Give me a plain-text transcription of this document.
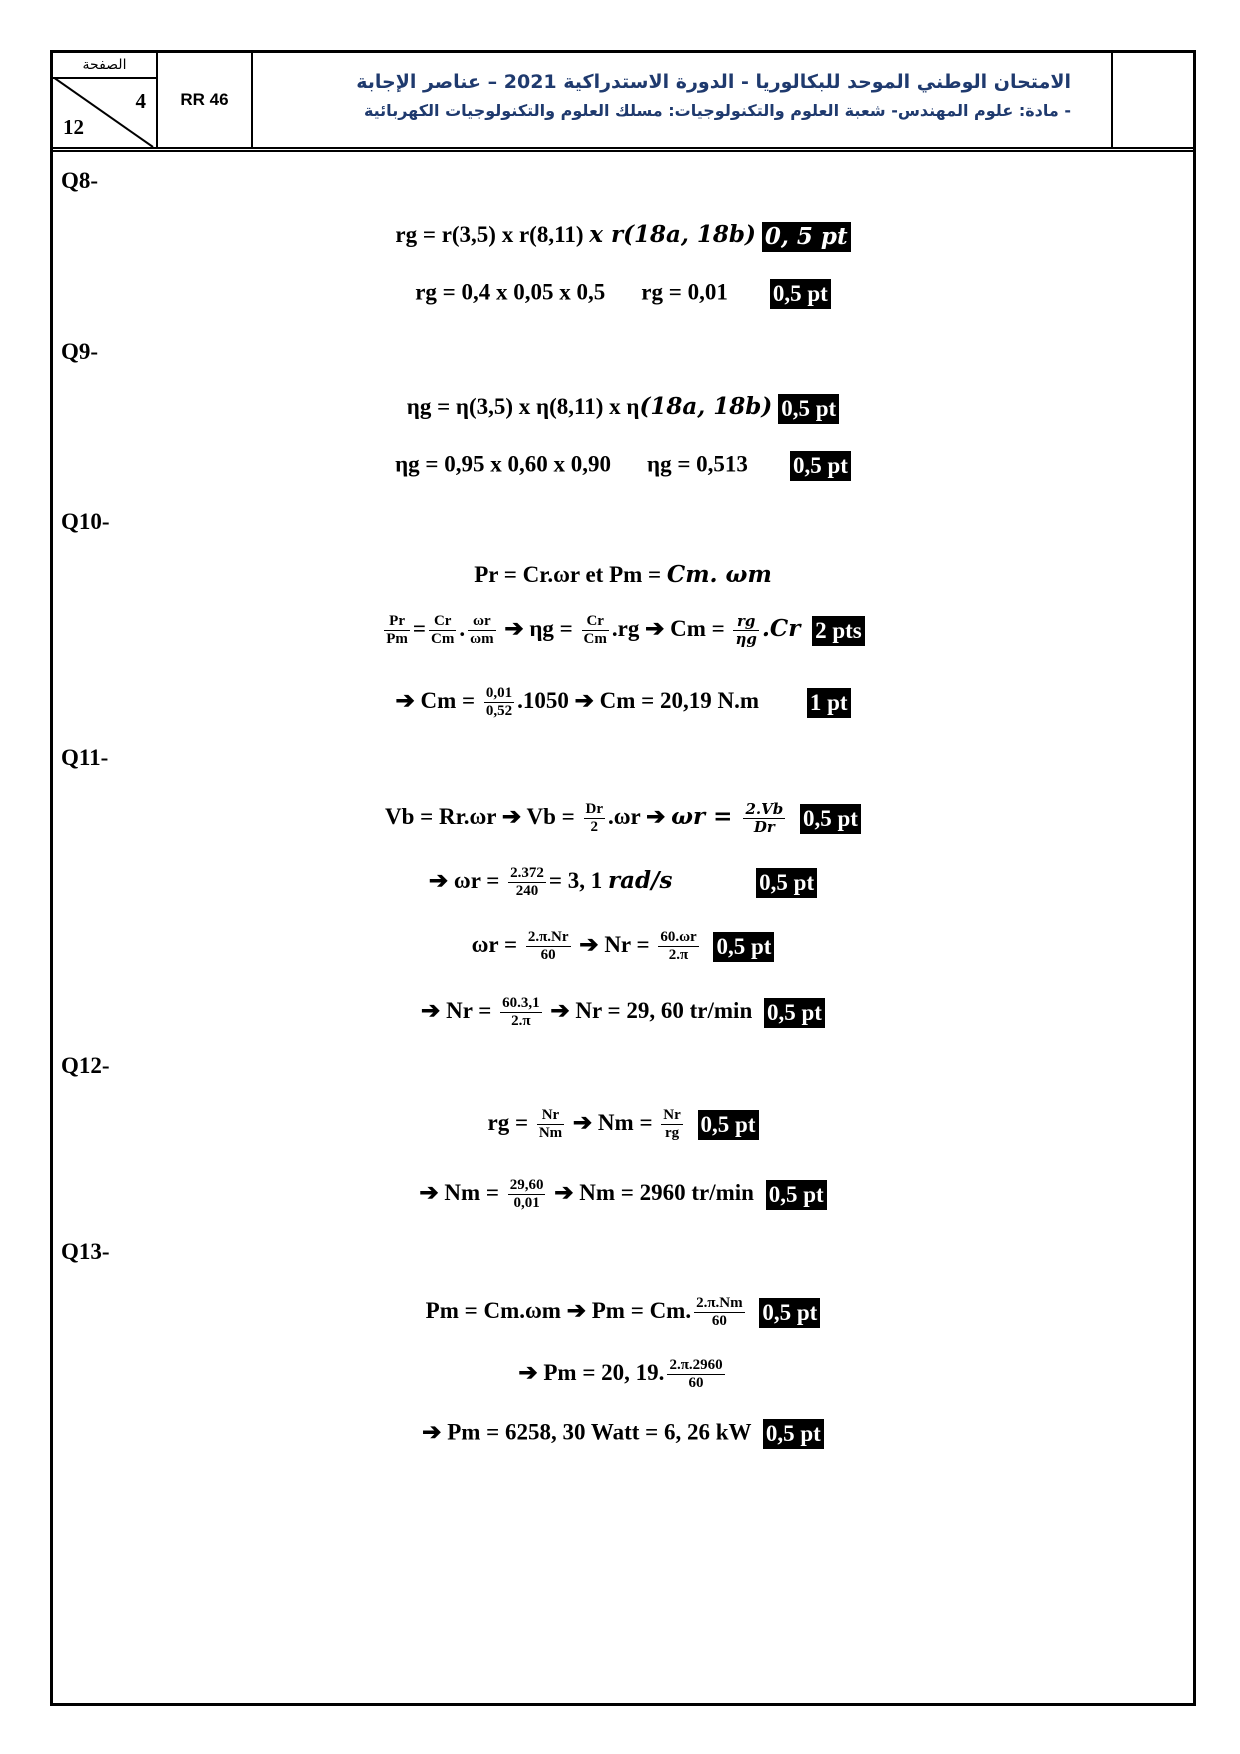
الصفحة
4
12
RR 46
الامتحان الوطني الموحد للبكالوريا - الدورة الاستدراكية 2021 – عناصر الإجابة
- مادة: علوم المهندس- شعبة العلوم والتكنولوجيات: مسلك العلوم والتكنولوجيات الكهربائية
Q8-
rg = r(3,5) x r(8,11) x r(18a, 18b) 0, 5 pt
rg = 0,4 x 0,05 x 0,5 rg = 0,01 0,5 pt
Q9-
ηg = η(3,5) x η(8,11) x η(18a, 18b) 0,5 pt
ηg = 0,95 x 0,60 x 0,90 ηg = 0,513 0,5 pt
Q10-
Pr = Cr.ωr et Pm = Cm. ωm
$\frac{Pr}{Pm} = \frac{Cr}{Cm}$ . $\frac{\omega r}{\omega m}$ ➔ $\eta g = \frac{Cr}{Cm} .rg$ ➔ $Cm = \frac{rg}{\eta g} .Cr$ 2 pts
➔ $Cm = \frac{0,01}{0,52} .1050$ ➔ Cm = 20,19 N.m 1 pt
Q11-
Vb = Rr.ωr ➔ $Vb = \frac{Dr}{2} .\omega r$ ➔ $\omega r = \frac{2.Vb}{Dr} 0,5$ pt
➔ $\omega r = \frac{2.372}{240} = 3$, 1 rad/s	0,5 pt
$\omega r = \frac{2.\pi.Nr}{60}$ ➔ $Nr = \frac{60.\omega r}{2.\pi} 0,5$ pt
➔ $Nr = \frac{60.3,1}{2.\pi}$ ➔ Nr = 29, 60 tr/min 0,5 pt
Q12-
rg = $\frac{Nr}{Nm}$ ➔ $Nm = \frac{Nr}{rg} 0,5$ pt
➔ $Nm = \frac{29,60}{0,01}$ ➔ Nm = 2960 tr/min 0,5 pt
Q13-
Pm = Cm.ωm ➔ Pm = Cm. $\frac{2.\pi.Nm}{60} 0,5$ pt
➔ Pm = 20, 19. $\frac{2.\pi.2960}{60}$
➔ Pm = 6258, 30 Watt = 6, 26 kW 0,5 pt
